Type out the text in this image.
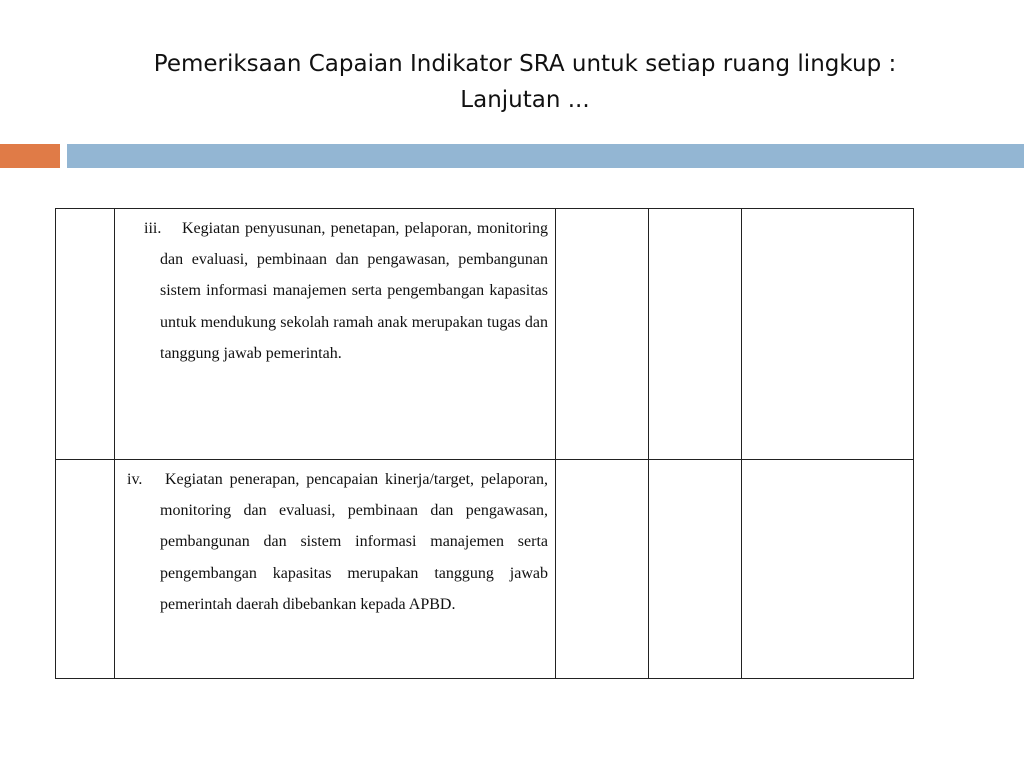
Pemeriksaan Capaian Indikator SRA untuk setiap ruang lingkup :
Lanjutan ...

	iii. Kegiatan penyusunan, penetapan, pelaporan, monitoring dan evaluasi, pembinaan dan pengawasan, pembangunan sistem informasi manajemen serta pengembangan kapasitas untuk mendukung sekolah ramah anak merupakan tugas dan tanggung jawab pemerintah.			

	iv. Kegiatan penerapan, pencapaian kinerja/target, pelaporan, monitoring dan evaluasi, pembinaan dan pengawasan, pembangunan dan sistem informasi manajemen serta pengembangan kapasitas merupakan tanggung jawab pemerintah daerah dibebankan kepada APBD.			
